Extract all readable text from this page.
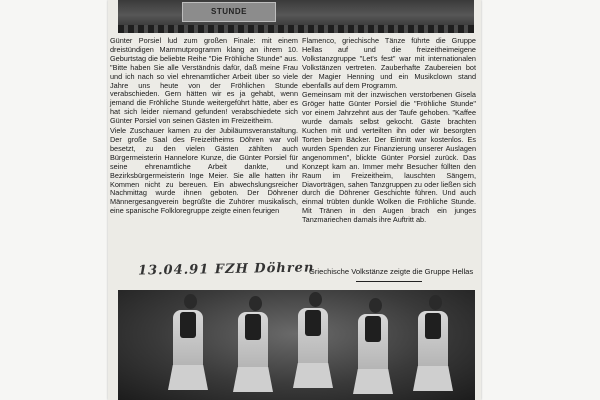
STUNDE

Günter Porsiel lud zum großen Finale: mit einem dreistündigen Mammutprogramm klang an ihrem 10. Geburtstag die beliebte Reihe "Die Fröhliche Stunde" aus. "Bitte haben Sie alle Verständnis dafür, daß meine Frau und ich nach so viel ehrenamtlicher Arbeit über so viele Jahre uns heute von der Fröhlichen Stunde verabschieden. Gern hätten wir es ja gehabt, wenn jemand die Fröhliche Stunde weitergeführt hätte, aber es hat sich leider niemand gefunden! verabschiedete sich Günter Porsiel von seinen Gästen im Freizeitheim.

Viele Zuschauer kamen zu der Jubiläumsveranstaltung. Der große Saal des Freizeitheims Döhren war voll besetzt, zu den vielen Gästen zählten auch Bürgermeisterin Hannelore Kunze, die Günter Porsiel für seine ehrenamtliche Arbeit dankte, und Bezirksbürgermeisterin Inge Meier. Sie alle hatten ihr Kommen nicht zu bereuen. Ein abwechslungsreicher Nachmittag wurde ihnen geboten. Der Döhrener Männergesangverein begrüßte die Zuhörer musikalisch, eine spanische Folkloregruppe zeigte einen feurigen

Flamenco, griechische Tänze führte die Gruppe Hellas auf und die freizeitheimeigene Volkstanzgruppe "Let's fest" war mit internationalen Volkstänzen vertreten. Zauberhafte Zaubereien bot der Magier Henning und ein Musikclown stand ebenfalls auf dem Programm.

Gemeinsam mit der inzwischen verstorbenen Gisela Gröger hatte Günter Porsiel die "Fröhliche Stunde" vor einem Jahrzehnt aus der Taufe gehoben. "Kaffee wurde damals selbst gekocht. Gäste brachten Kuchen mit und verteilten ihn oder wir besorgten Torten beim Bäcker. Der Eintritt war kostenlos. Es wurden Spenden zur Finanzierung unserer Auslagen angenommen", blickte Günter Porsiel zurück. Das Konzept kam an. Immer mehr Besucher füllten den Raum im Freizeitheim, lauschten Sängern, Diavorträgen, sahen Tanzgruppen zu oder ließen sich durch die Döhrener Geschichte führen. Und auch einmal trübten dunkle Wolken die Fröhliche Stunde. Mit Tränen in den Augen brach ein junges Tanzmariechen damals ihre Auftritt ab.

13.04.91 FZH Döhren
Griechische Volkstänze zeigte die Gruppe Hellas
